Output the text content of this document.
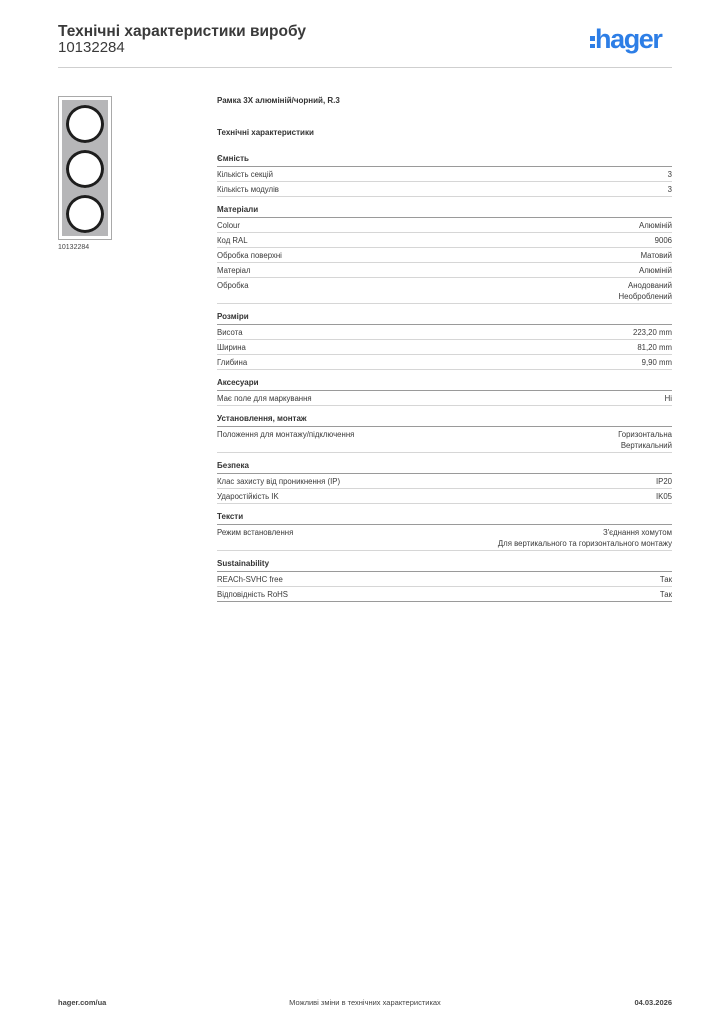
Технічні характеристики виробу
10132284	hager
10132284
Рамка 3X алюміній/чорний, R.3
Технічні характеристики
Ємність
Кількість секцій	3
Кількість модулів	3
Матеріали
Colour	Алюміній
Код RAL	9006
Обробка поверхні	Матовий
Матеріал	Алюміній
Обробка	Анодований
Необроблений
Розміри
Висота	223,20 mm
Ширина	81,20 mm
Глибина	9,90 mm
Аксесуари
Має поле для маркування	Ні
Установлення, монтаж
Положення для монтажу/підключення	Горизонтальна
Вертикальний
Безпека
Клас захисту від проникнення (IP)	IP20
Ударостійкість IK	IK05
Тексти
Режим встановлення	З'єднання хомутом
Для вертикального та горизонтального монтажу
Sustainability
REACh-SVHC free	Так
Відповідність RoHS	Так
hager.com/ua	Можливі зміни в технічних характеристиках	04.03.2026
